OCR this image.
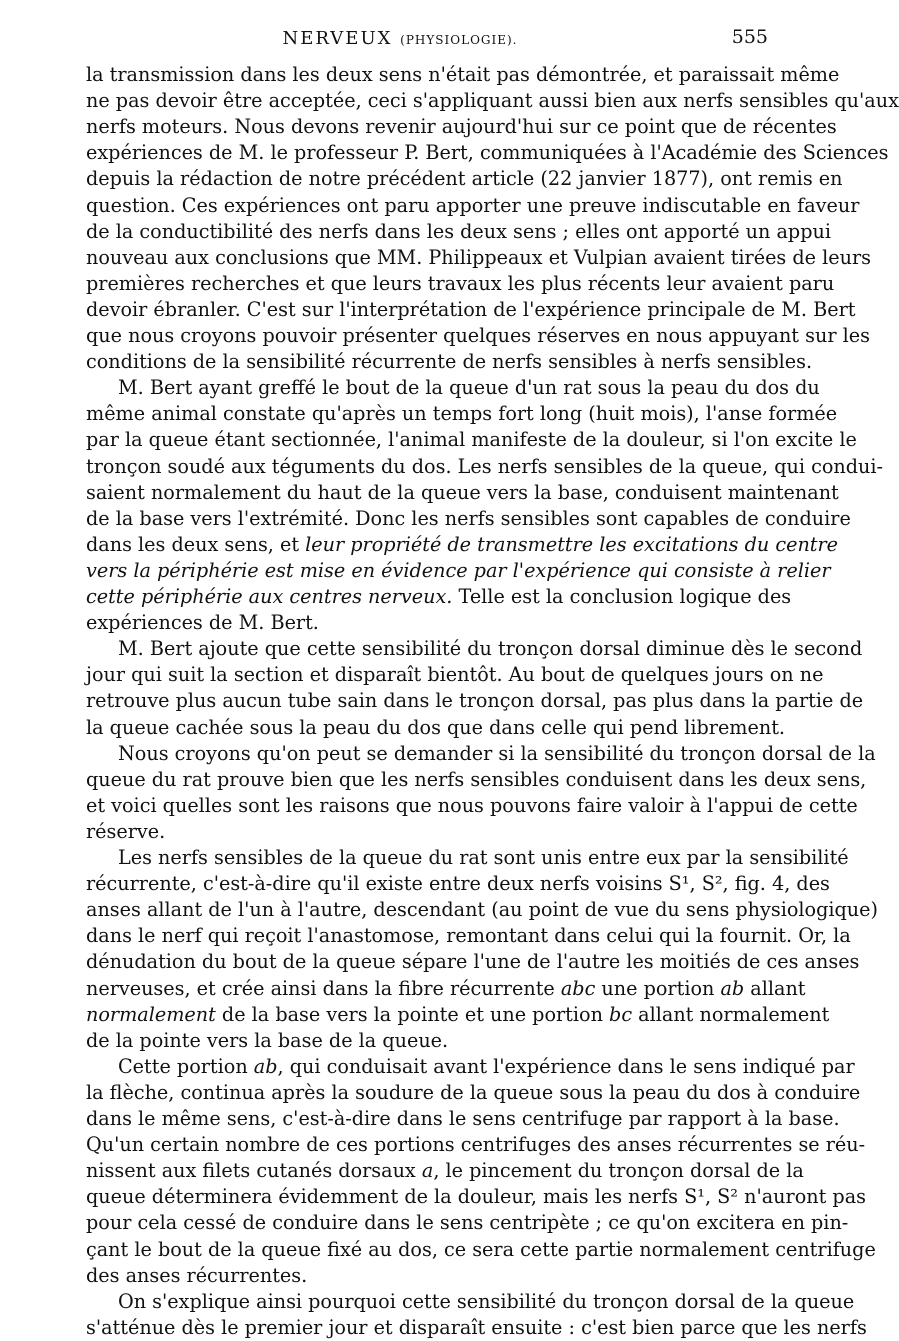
NERVEUX (PHYSIOLOGIE).	555
la transmission dans les deux sens n'était pas démontrée, et paraissait même
ne pas devoir être acceptée, ceci s'appliquant aussi bien aux nerfs sensibles qu'aux
nerfs moteurs. Nous devons revenir aujourd'hui sur ce point que de récentes
expériences de M. le professeur P. Bert, communiquées à l'Académie des Sciences
depuis la rédaction de notre précédent article (22 janvier 1877), ont remis en
question. Ces expériences ont paru apporter une preuve indiscutable en faveur
de la conductibilité des nerfs dans les deux sens ; elles ont apporté un appui
nouveau aux conclusions que MM. Philippeaux et Vulpian avaient tirées de leurs
premières recherches et que leurs travaux les plus récents leur avaient paru
devoir ébranler. C'est sur l'interprétation de l'expérience principale de M. Bert
que nous croyons pouvoir présenter quelques réserves en nous appuyant sur les
conditions de la sensibilité récurrente de nerfs sensibles à nerfs sensibles.
M. Bert ayant greffé le bout de la queue d'un rat sous la peau du dos du
même animal constate qu'après un temps fort long (huit mois), l'anse formée
par la queue étant sectionnée, l'animal manifeste de la douleur, si l'on excite le
tronçon soudé aux téguments du dos. Les nerfs sensibles de la queue, qui condui-
saient normalement du haut de la queue vers la base, conduisent maintenant
de la base vers l'extrémité. Donc les nerfs sensibles sont capables de conduire
dans les deux sens, et leur propriété de transmettre les excitations du centre
vers la périphérie est mise en évidence par l'expérience qui consiste à relier
cette périphérie aux centres nerveux. Telle est la conclusion logique des
expériences de M. Bert.
M. Bert ajoute que cette sensibilité du tronçon dorsal diminue dès le second
jour qui suit la section et disparaît bientôt. Au bout de quelques jours on ne
retrouve plus aucun tube sain dans le tronçon dorsal, pas plus dans la partie de
la queue cachée sous la peau du dos que dans celle qui pend librement.
Nous croyons qu'on peut se demander si la sensibilité du tronçon dorsal de la
queue du rat prouve bien que les nerfs sensibles conduisent dans les deux sens,
et voici quelles sont les raisons que nous pouvons faire valoir à l'appui de cette
réserve.
Les nerfs sensibles de la queue du rat sont unis entre eux par la sensibilité
récurrente, c'est-à-dire qu'il existe entre deux nerfs voisins S¹, S², fig. 4, des
anses allant de l'un à l'autre, descendant (au point de vue du sens physiologique)
dans le nerf qui reçoit l'anastomose, remontant dans celui qui la fournit. Or, la
dénudation du bout de la queue sépare l'une de l'autre les moitiés de ces anses
nerveuses, et crée ainsi dans la fibre récurrente abc une portion ab allant
normalement de la base vers la pointe et une portion bc allant normalement
de la pointe vers la base de la queue.
Cette portion ab, qui conduisait avant l'expérience dans le sens indiqué par
la flèche, continua après la soudure de la queue sous la peau du dos à conduire
dans le même sens, c'est-à-dire dans le sens centrifuge par rapport à la base.
Qu'un certain nombre de ces portions centrifuges des anses récurrentes se réu-
nissent aux filets cutanés dorsaux a, le pincement du tronçon dorsal de la
queue déterminera évidemment de la douleur, mais les nerfs S¹, S² n'auront pas
pour cela cessé de conduire dans le sens centripète ; ce qu'on excitera en pin-
çant le bout de la queue fixé au dos, ce sera cette partie normalement centrifuge
des anses récurrentes.
On s'explique ainsi pourquoi cette sensibilité du tronçon dorsal de la queue
s'atténue dès le premier jour et disparaît ensuite : c'est bien parce que les nerfs
